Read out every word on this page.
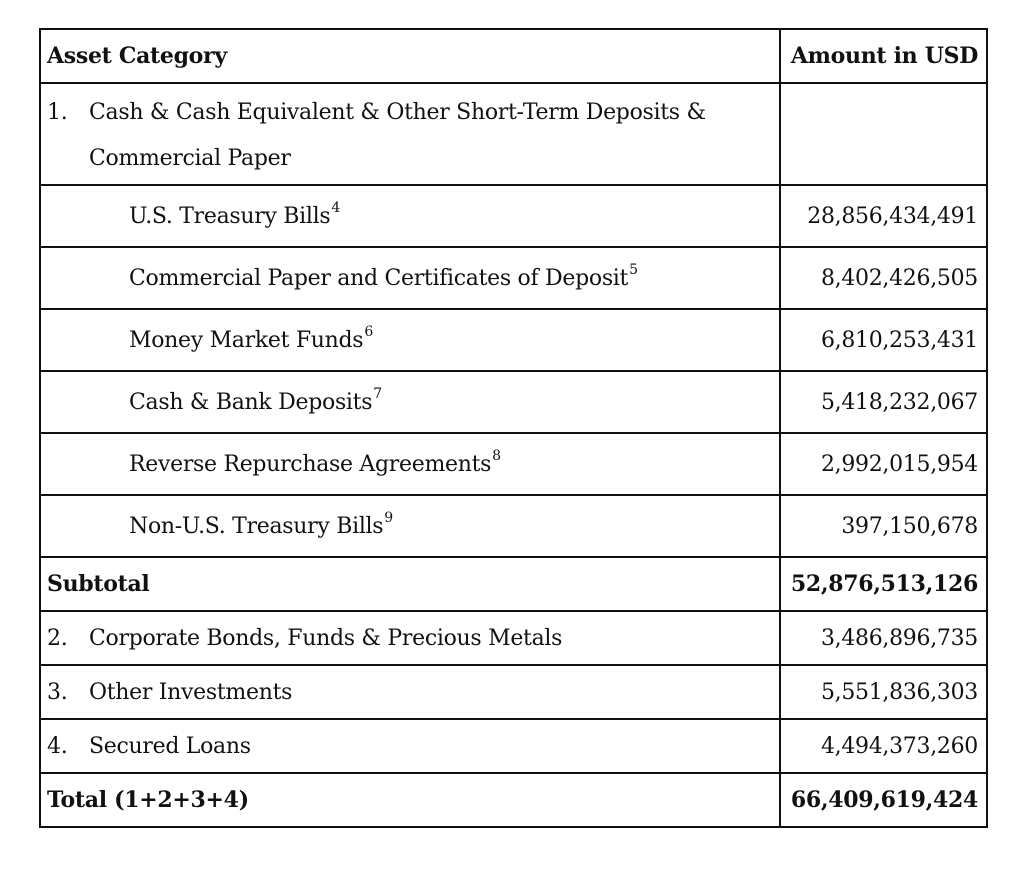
Asset Category	Amount in USD

1. Cash & Cash Equivalent & Other Short-Term Deposits & Commercial Paper	

U.S. Treasury Bills$^4$	28,856,434,491
Commercial Paper and Certificates of Deposit$^5$	8,402,426,505
Money Market Funds$^6$	6,810,253,431
Cash & Bank Deposits$^7$	5,418,232,067
Reverse Repurchase Agreements$^8$	2,992,015,954
Non-U.S. Treasury Bills$^9$	397,150,678
Subtotal	52,876,513,126
2. Corporate Bonds, Funds & Precious Metals	3,486,896,735
3. Other Investments	5,551,836,303
4. Secured Loans	4,494,373,260
Total (1+2+3+4)	66,409,619,424
